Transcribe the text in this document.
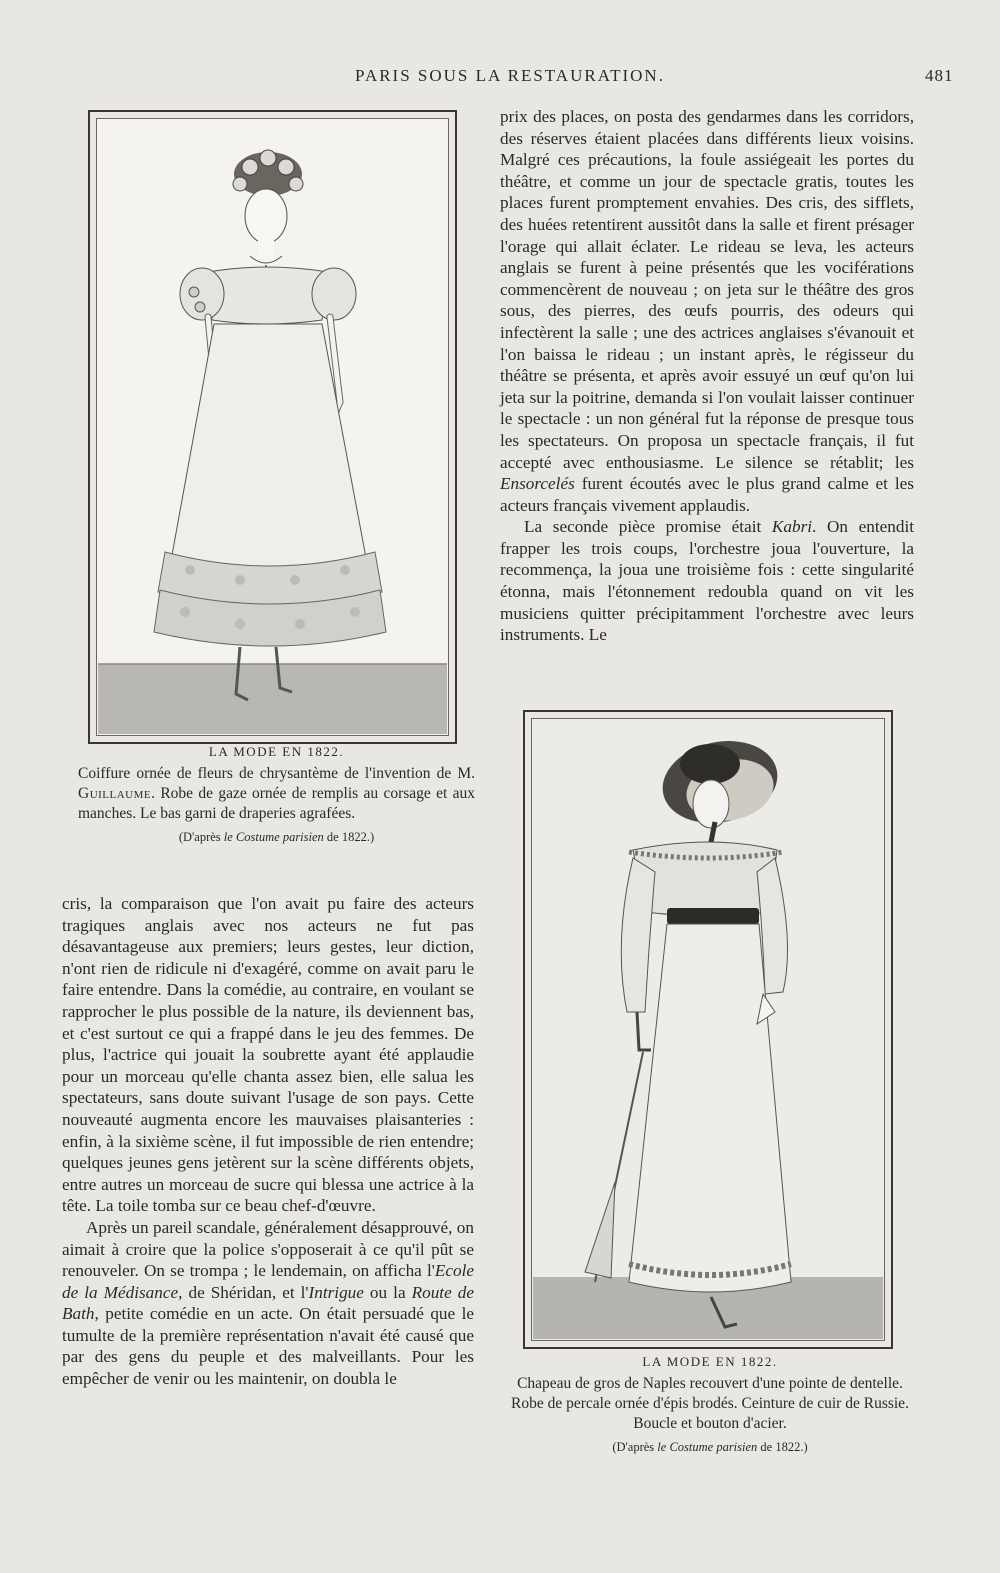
PARIS SOUS LA RESTAURATION.	481
LA MODE EN 1822.
Coiffure ornée de fleurs de chrysantème de l'invention de M. Guillaume. Robe de gaze ornée de remplis au corsage et aux manches. Le bas garni de draperies agrafées.
(D'après le Costume parisien de 1822.)

prix des places, on posta des gendarmes dans les corridors, des réserves étaient placées dans différents lieux voisins. Malgré ces précautions, la foule assiégeait les portes du théâtre, et comme un jour de spectacle gratis, toutes les places furent promptement envahies. Des cris, des sifflets, des huées retentirent aussitôt dans la salle et firent présager l'orage qui allait éclater. Le rideau se leva, les acteurs anglais se furent à peine présentés que les vociférations commencèrent de nouveau ; on jeta sur le théâtre des gros sous, des pierres, des œufs pourris, des odeurs qui infectèrent la salle ; une des actrices anglaises s'évanouit et l'on baissa le rideau ; un instant après, le régisseur du théâtre se présenta, et après avoir essuyé un œuf qu'on lui jeta sur la poitrine, demanda si l'on voulait laisser continuer le spectacle : un non général fut la réponse de presque tous les spectateurs. On proposa un spectacle français, il fut accepté avec enthousiasme. Le silence se rétablit; les Ensorcelés furent écoutés avec le plus grand calme et les acteurs français vivement applaudis.

La seconde pièce promise était Kabri. On entendit frapper les trois coups, l'orchestre joua l'ouverture, la recommença, la joua une troisième fois : cette singularité étonna, mais l'étonnement redoubla quand on vit les musiciens quitter précipitamment l'orchestre avec leurs instruments. Le

LA MODE EN 1822.
Chapeau de gros de Naples recouvert d'une pointe de dentelle. Robe de percale ornée d'épis brodés. Ceinture de cuir de Russie. Boucle et bouton d'acier.
(D'après le Costume parisien de 1822.)

cris, la comparaison que l'on avait pu faire des acteurs tragiques anglais avec nos acteurs ne fut pas désavantageuse aux premiers; leurs gestes, leur diction, n'ont rien de ridicule ni d'exagéré, comme on avait paru le faire entendre. Dans la comédie, au contraire, en voulant se rapprocher le plus possible de la nature, ils deviennent bas, et c'est surtout ce qui a frappé dans le jeu des femmes. De plus, l'actrice qui jouait la soubrette ayant été applaudie pour un morceau qu'elle chanta assez bien, elle salua les spectateurs, sans doute suivant l'usage de son pays. Cette nouveauté augmenta encore les mauvaises plaisanteries : enfin, à la sixième scène, il fut impossible de rien entendre; quelques jeunes gens jetèrent sur la scène différents objets, entre autres un morceau de sucre qui blessa une actrice à la tête. La toile tomba sur ce beau chef-d'œuvre.

Après un pareil scandale, généralement désapprouvé, on aimait à croire que la police s'opposerait à ce qu'il pût se renouveler. On se trompa ; le lendemain, on afficha l'Ecole de la Médisance, de Shéridan, et l'Intrigue ou la Route de Bath, petite comédie en un acte. On était persuadé que le tumulte de la première représentation n'avait été causé que par des gens du peuple et des malveillants. Pour les empêcher de venir ou les maintenir, on doubla le
